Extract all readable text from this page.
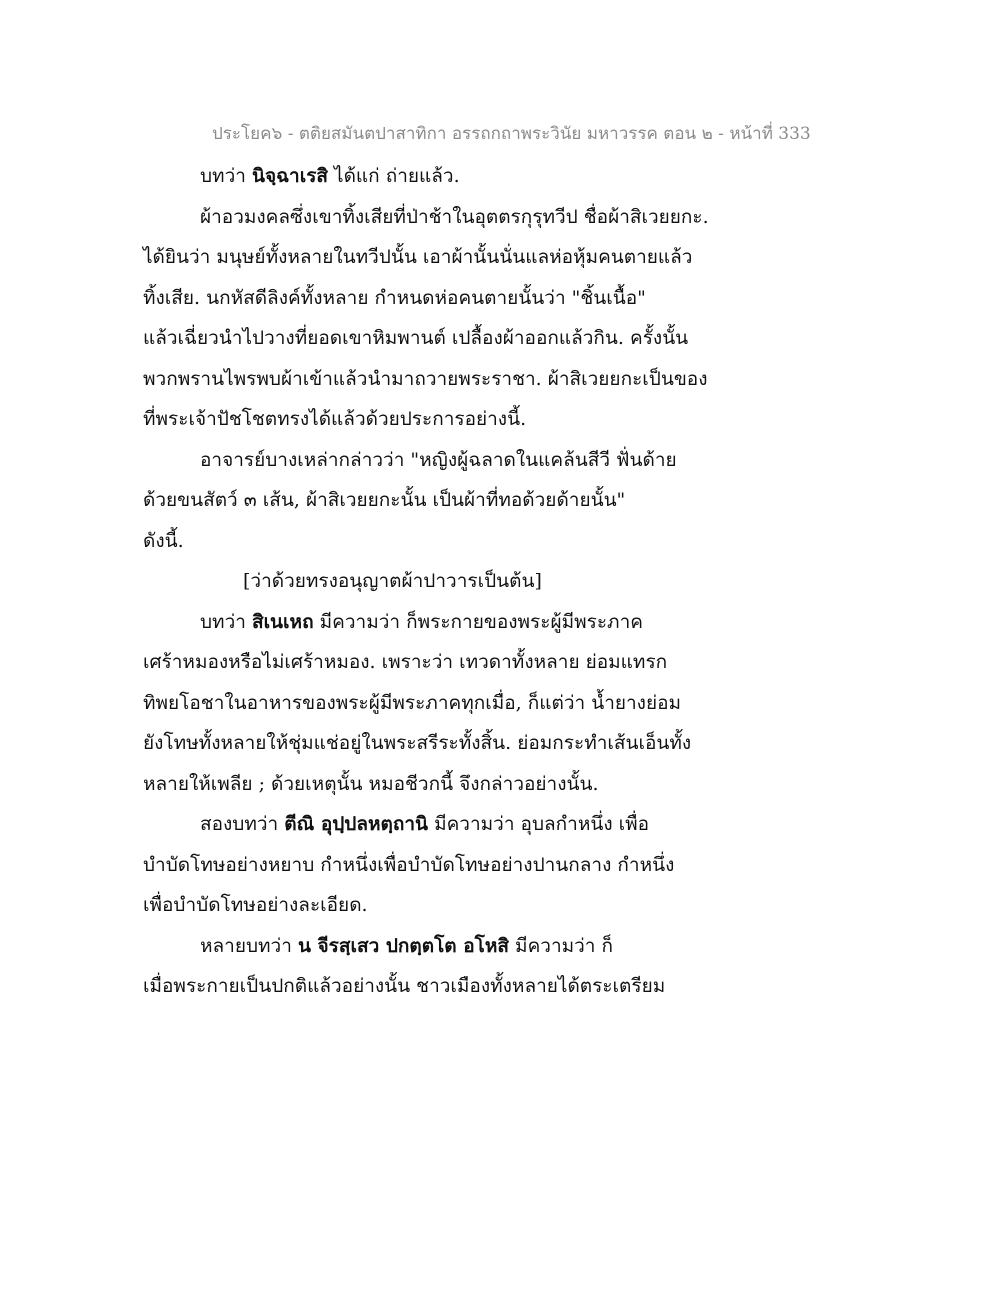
ประโยค๖ - ตติยสมันตปาสาทิกา อรรถกถาพระวินัย มหาวรรค ตอน ๒ - หน้าที่ 333
บทว่า นิจฺฉาเรสิ ได้แก่ ถ่ายแล้ว.
ผ้าอวมงคลซึ่งเขาทิ้งเสียที่ป่าช้าในอุตตรกุรุทวีป ชื่อผ้าสิเวยยกะ.
ได้ยินว่า มนุษย์ทั้งหลายในทวีปนั้น เอาผ้านั้นนั่นแลห่อหุ้มคนตายแล้ว
ทิ้งเสีย. นกหัสดีลิงค์ทั้งหลาย กำหนดห่อคนตายนั้นว่า "ชิ้นเนื้อ"
แล้วเฉี่ยวนำไปวางที่ยอดเขาหิมพานต์ เปลื้องผ้าออกแล้วกิน. ครั้งนั้น
พวกพรานไพรพบผ้าเข้าแล้วนำมาถวายพระราชา. ผ้าสิเวยยกะเป็นของ
ที่พระเจ้าปัชโชตทรงได้แล้วด้วยประการอย่างนี้.
อาจารย์บางเหล่ากล่าวว่า "หญิงผู้ฉลาดในแคล้นสีวี ฟั่นด้าย
ด้วยขนสัตว์ ๓ เส้น, ผ้าสิเวยยกะนั้น เป็นผ้าที่ทอด้วยด้ายนั้น"
ดังนี้.
[ว่าด้วยทรงอนุญาตผ้าปาวารเป็นต้น]
บทว่า สิเนเหถ มีความว่า ก็พระกายของพระผู้มีพระภาค
เศร้าหมองหรือไม่เศร้าหมอง. เพราะว่า เทวดาทั้งหลาย ย่อมแทรก
ทิพยโอชาในอาหารของพระผู้มีพระภาคทุกเมื่อ, ก็แต่ว่า น้ำยางย่อม
ยังโทษทั้งหลายให้ชุ่มแช่อยู่ในพระสรีระทั้งสิ้น. ย่อมกระทำเส้นเอ็นทั้ง
หลายให้เพลีย ; ด้วยเหตุนั้น หมอชีวกนี้ จึงกล่าวอย่างนั้น.
สองบทว่า ตีณิ อุปฺปลหตฺถานิ มีความว่า อุบลกำหนึ่ง เพื่อ
บำบัดโทษอย่างหยาบ กำหนึ่งเพื่อบำบัดโทษอย่างปานกลาง กำหนึ่ง
เพื่อบำบัดโทษอย่างละเอียด.
หลายบทว่า น จีรสฺเสว ปกตฺตโต อโหสิ มีความว่า ก็
เมื่อพระกายเป็นปกติแล้วอย่างนั้น ชาวเมืองทั้งหลายได้ตระเตรียม
